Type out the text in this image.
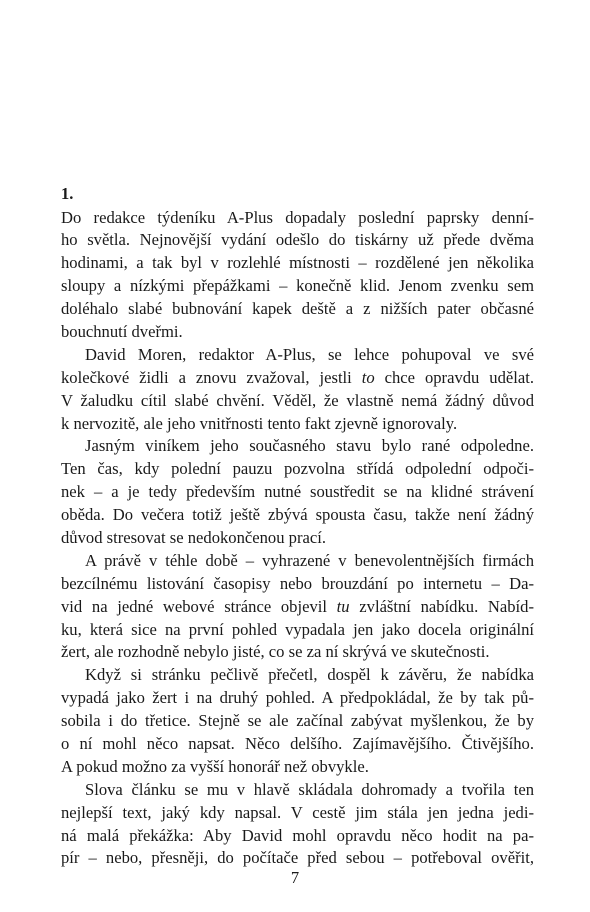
1.
Do redakce týdeníku A-Plus dopadaly poslední paprsky denní-
ho světla. Nejnovější vydání odešlo do tiskárny už přede dvěma
hodinami, a tak byl v rozlehlé místnosti – rozdělené jen několika
sloupy a nízkými přepážkami – konečně klid. Jenom zvenku sem
doléhalo slabé bubnování kapek deště a z nižších pater občasné
bouchnutí dveřmi.
David Moren, redaktor A-Plus, se lehce pohupoval ve své
kolečkové židli a znovu zvažoval, jestli to chce opravdu udělat.
V žaludku cítil slabé chvění. Věděl, že vlastně nemá žádný důvod
k nervozitě, ale jeho vnitřnosti tento fakt zjevně ignorovaly.
Jasným viníkem jeho současného stavu bylo rané odpoledne.
Ten čas, kdy polední pauzu pozvolna střídá odpolední odpoči-
nek – a je tedy především nutné soustředit se na klidné strávení
oběda. Do večera totiž ještě zbývá spousta času, takže není žádný
důvod stresovat se nedokončenou prací.
A právě v téhle době – vyhrazené v benevolentnějších firmách
bezcílnému listování časopisy nebo brouzdání po internetu – Da-
vid na jedné webové stránce objevil tu zvláštní nabídku. Nabíd-
ku, která sice na první pohled vypadala jen jako docela originální
žert, ale rozhodně nebylo jisté, co se za ní skrývá ve skutečnosti.
Když si stránku pečlivě přečetl, dospěl k závěru, že nabídka
vypadá jako žert i na druhý pohled. A předpokládal, že by tak pů-
sobila i do třetice. Stejně se ale začínal zabývat myšlenkou, že by
o ní mohl něco napsat. Něco delšího. Zajímavějšího. Čtivějšího.
A pokud možno za vyšší honorář než obvykle.
Slova článku se mu v hlavě skládala dohromady a tvořila ten
nejlepší text, jaký kdy napsal. V cestě jim stála jen jedna jedi-
ná malá překážka: Aby David mohl opravdu něco hodit na pa-
pír – nebo, přesněji, do počítače před sebou – potřeboval ověřit,
7
